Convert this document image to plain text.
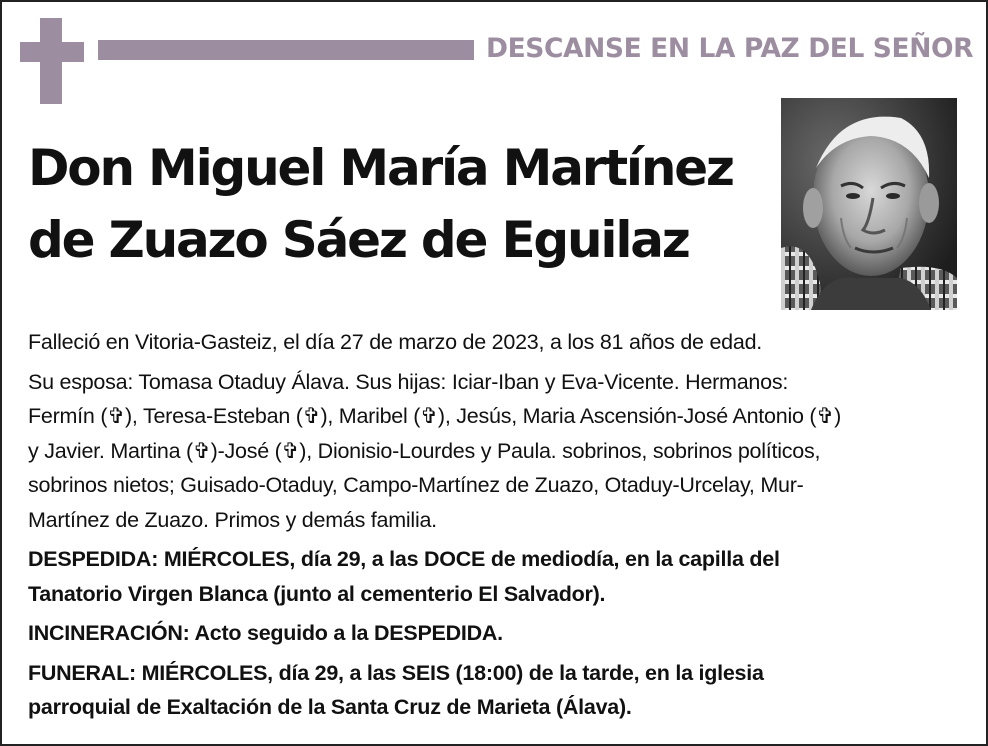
DESCANSE EN LA PAZ DEL SEÑOR
Don Miguel María Martínez
de Zuazo Sáez de Eguilaz

Falleció en Vitoria-Gasteiz, el día 27 de marzo de 2023, a los 81 años de edad.

Su esposa: Tomasa Otaduy Álava. Sus hijas: Iciar-Iban y Eva-Vicente. Hermanos:
Fermín (✞), Teresa-Esteban (✞), Maribel (✞), Jesús, Maria Ascensión-José Antonio (✞)
y Javier. Martina (✞)-José (✞), Dionisio-Lourdes y Paula. sobrinos, sobrinos políticos,
sobrinos nietos; Guisado-Otaduy, Campo-Martínez de Zuazo, Otaduy-Urcelay, Mur-
Martínez de Zuazo. Primos y demás familia.

DESPEDIDA: MIÉRCOLES, día 29, a las DOCE de mediodía, en la capilla del
Tanatorio Virgen Blanca (junto al cementerio El Salvador).

INCINERACIÓN: Acto seguido a la DESPEDIDA.

FUNERAL: MIÉRCOLES, día 29, a las SEIS (18:00) de la tarde, en la iglesia
parroquial de Exaltación de la Santa Cruz de Marieta (Álava).
